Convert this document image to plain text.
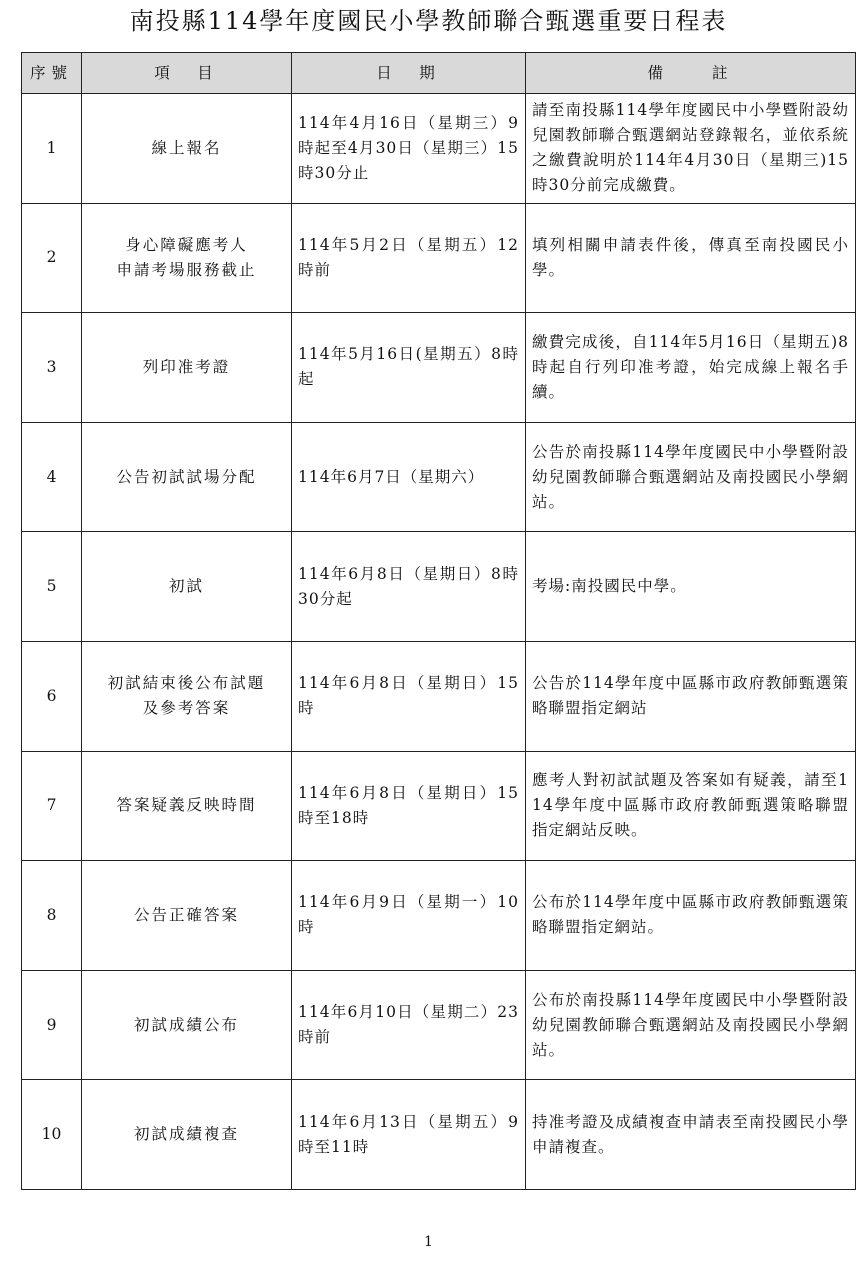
南投縣114學年度國民小學教師聯合甄選重要日程表
序號	項　目	日　期	備　　註
1	線上報名	114年4月16日（星期三）9時起至4月30日（星期三）15時30分止	請至南投縣114學年度國民中小學暨附設幼兒園教師聯合甄選網站登錄報名，並依系統之繳費說明於114年4月30日（星期三)15時30分前完成繳費。
2	身心障礙應考人
申請考場服務截止	114年5月2日（星期五）12時前	填列相關申請表件後，傳真至南投國民小學。
3	列印准考證	114年5月16日(星期五）8時起	繳費完成後，自114年5月16日（星期五)8時起自行列印准考證，始完成線上報名手續。
4	公告初試試場分配	114年6月7日（星期六）	公告於南投縣114學年度國民中小學暨附設幼兒園教師聯合甄選網站及南投國民小學網站。
5	初試	114年6月8日（星期日）8時30分起	考場:南投國民中學。
6	初試結束後公布試題
及參考答案	114年6月8日（星期日）15時	公告於114學年度中區縣市政府教師甄選策略聯盟指定網站
7	答案疑義反映時間	114年6月8日（星期日）15時至18時	應考人對初試試題及答案如有疑義，請至114學年度中區縣市政府教師甄選策略聯盟指定網站反映。
8	公告正確答案	114年6月9日（星期一）10時	公布於114學年度中區縣市政府教師甄選策略聯盟指定網站。
9	初試成績公布	114年6月10日（星期二）23時前	公布於南投縣114學年度國民中小學暨附設幼兒園教師聯合甄選網站及南投國民小學網站。
10	初試成績複查	114年6月13日（星期五）9時至11時	持准考證及成績複查申請表至南投國民小學申請複查。
1
